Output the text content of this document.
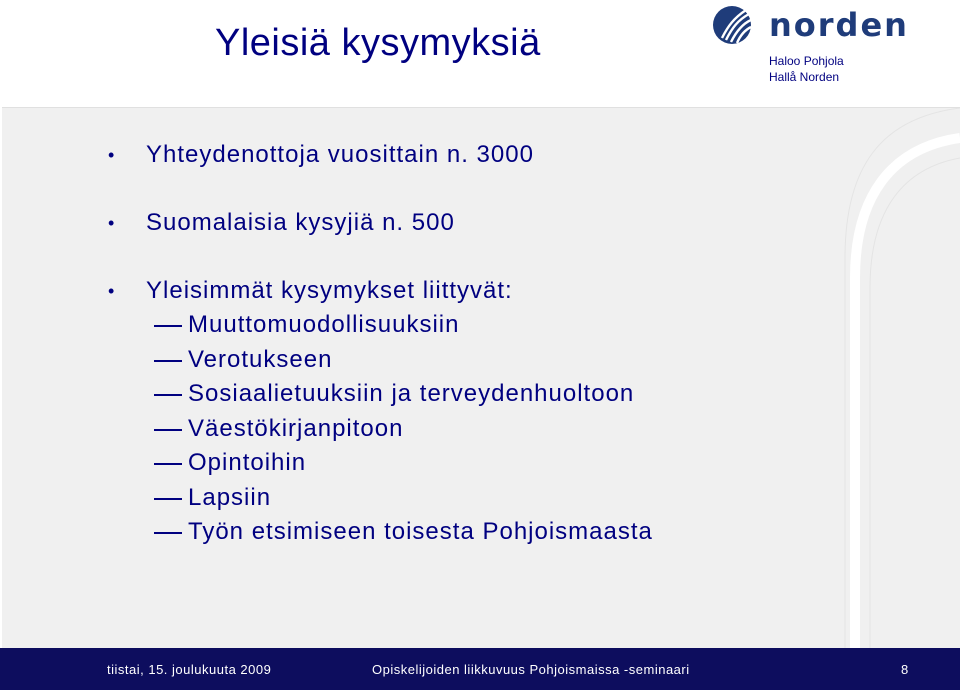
Yleisiä kysymyksiä	norden
Haloo Pohjola
Hallå Norden
• Yhteydenottoja vuosittain n. 3000
• Suomalaisia kysyjiä n. 500
• Yleisimmät kysymykset liittyvät:
Muuttomuodollisuuksiin
Verotukseen
Sosiaalietuuksiin ja terveydenhuoltoon
Väestökirjanpitoon
Opintoihin
Lapsiin
Työn etsimiseen toisesta Pohjoismaasta
tiistai, 15. joulukuuta 2009	Opiskelijoiden liikkuvuus Pohjoismaissa -seminaari	8
